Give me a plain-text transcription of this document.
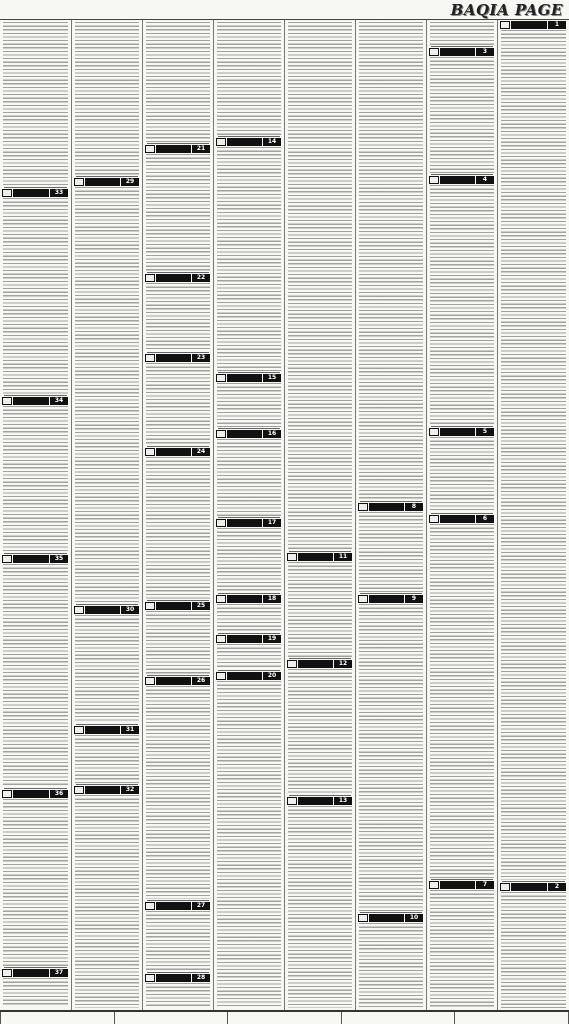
BAQIA PAGE
33
34
35
36
37
29
30
31
32
21
22
23
24
25
26
27
28
14
15
16
17
18
19
20
11
12
13
8
9
10
3
4
5
6
7
1
2
